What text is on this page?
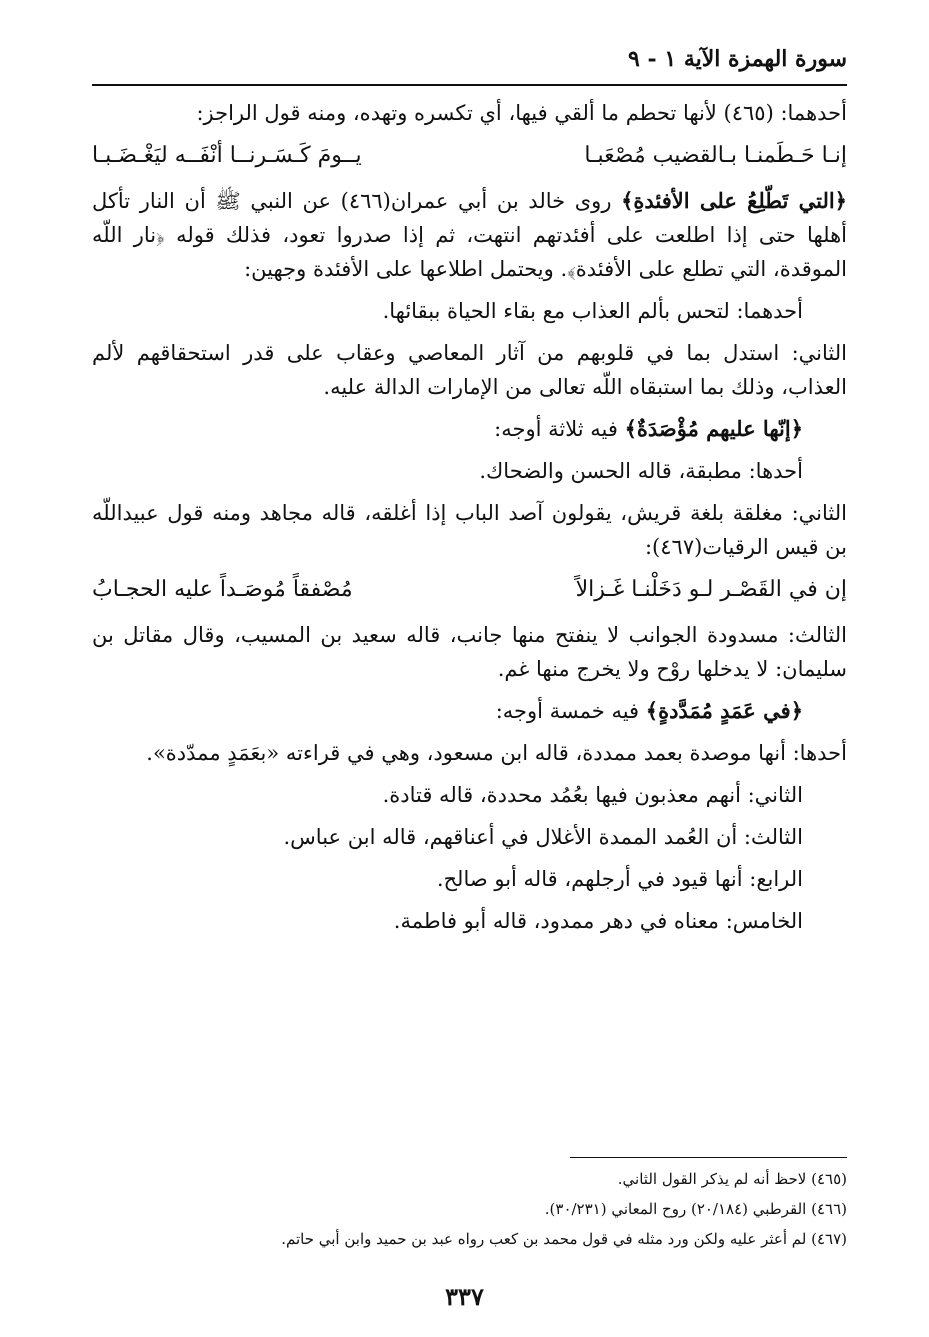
سورة الهمزة الآية ١ - ٩

أحدهما: (٤٦٥) لأنها تحطم ما ألقي فيها، أي تكسره وتهده، ومنه قول الراجز:

إنـا حَـطَمنـا بـالقضيب مُصْعَبـا
يــومَ كَـسَـرنــا أنْفَــه ليَغْـضَـبـا

﴿التي تَطّلِعُ على الأفئدةِ﴾ روى خالد بن أبي عمران(٤٦٦) عن النبي ﷺ أن النار تأكل أهلها حتى إذا اطلعت على أفئدتهم انتهت، ثم إذا صدروا تعود، فذلك قوله ﴿نار اللّه الموقدة، التي تطلع على الأفئدة﴾. ويحتمل اطلاعها على الأفئدة وجهين:

أحدهما: لتحس بألم العذاب مع بقاء الحياة ببقائها.

الثاني: استدل بما في قلوبهم من آثار المعاصي وعقاب على قدر استحقاقهم لألم العذاب، وذلك بما استبقاه اللّه تعالى من الإمارات الدالة عليه.

﴿إنّها عليهم مُؤْصَدَةٌ﴾ فيه ثلاثة أوجه:

أحدها: مطبقة، قاله الحسن والضحاك.

الثاني: مغلقة بلغة قريش، يقولون آصد الباب إذا أغلقه، قاله مجاهد ومنه قول عبيداللّه بن قيس الرقيات(٤٦٧):

إن في القَصْـر لـو دَخَلْنـا غَـزالاً
مُصْفقاً مُوصَـداً عليه الحجـابُ

الثالث: مسدودة الجوانب لا ينفتح منها جانب، قاله سعيد بن المسيب، وقال مقاتل بن سليمان: لا يدخلها روْح ولا يخرج منها غم.

﴿في عَمَدٍ مُمَدَّدةٍ﴾ فيه خمسة أوجه:

أحدها: أنها موصدة بعمد ممددة، قاله ابن مسعود، وهي في قراءته «بعَمَدٍ ممدّدة».

الثاني: أنهم معذبون فيها بعُمُد محددة، قاله قتادة.

الثالث: أن العُمد الممدة الأغلال في أعناقهم، قاله ابن عباس.

الرابع: أنها قيود في أرجلهم، قاله أبو صالح.

الخامس: معناه في دهر ممدود، قاله أبو فاطمة.

(٤٦٥) لاحظ أنه لم يذكر القول الثاني.

(٤٦٦) القرطبي (٢٠/١٨٤) روح المعاني (٣٠/٢٣١).

(٤٦٧) لم أعثر عليه ولكن ورد مثله في قول محمد بن كعب رواه عبد بن حميد وابن أبي حاتم.

٣٣٧
